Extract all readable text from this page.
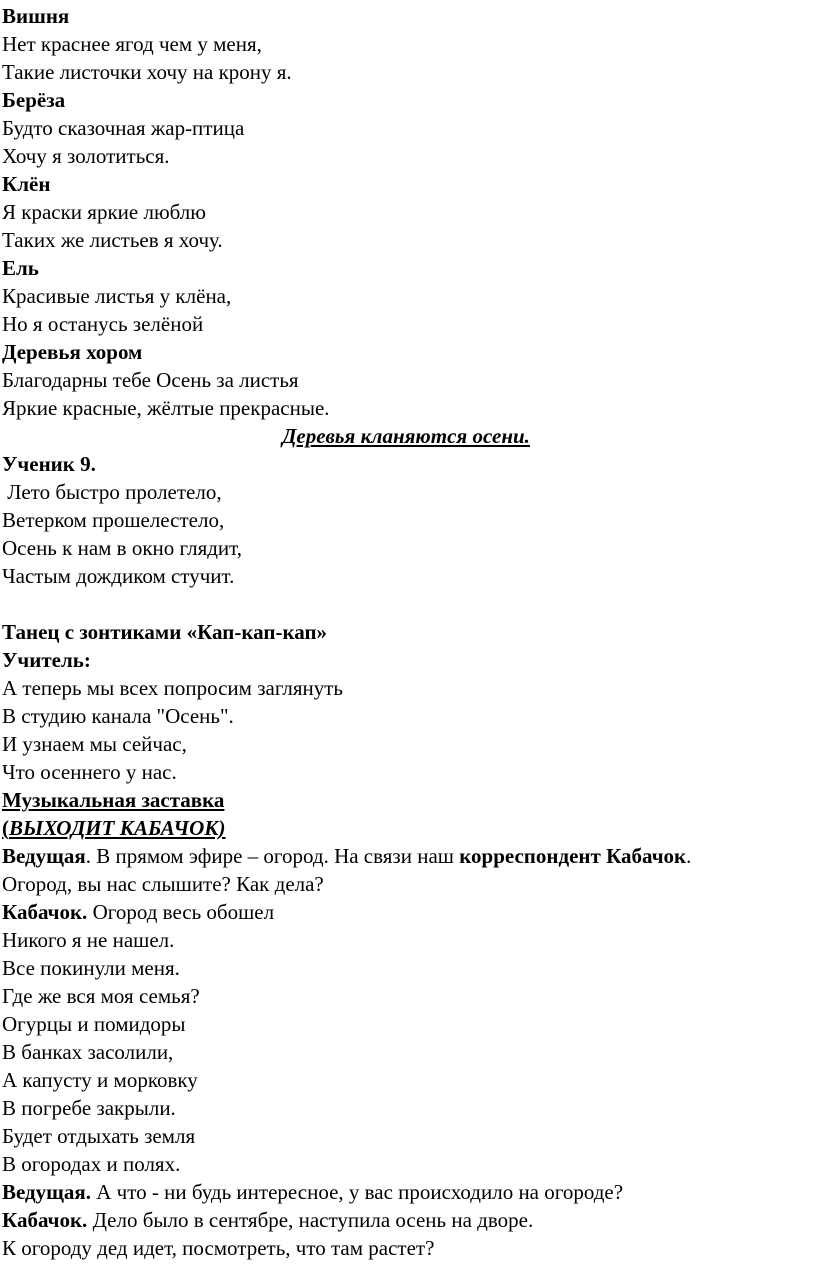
Вишня
Нет краснее ягод чем у меня,
Такие листочки хочу на крону я.
Берёза
Будто сказочная жар-птица
Хочу я золотиться.
Клён
Я краски яркие люблю
Таких же листьев я хочу.
Ель
Красивые листья у клёна,
Но я останусь зелёной
Деревья хором
Благодарны тебе Осень за листья
Яркие красные, жёлтые прекрасные.
Деревья кланяются осени.
Ученик 9.
Лето быстро пролетело,
Ветерком прошелестело,
Осень к нам в окно глядит,
Частым дождиком стучит.
Танец с зонтиками «Кап-кап-кап»
Учитель:
А теперь мы всех попросим заглянуть
В студию канала "Осень".
И узнаем мы сейчас,
Что осеннего у нас.
Музыкальная заставка
(ВЫХОДИТ КАБАЧОК)
Ведущая. В прямом эфире – огород. На связи наш корреспондент Кабачок.
Огород, вы нас слышите? Как дела?
Кабачок. Огород весь обошел
Никого я не нашел.
Все покинули меня.
Где же вся моя семья?
Огурцы и помидоры
В банках засолили,
А капусту и морковку
В погребе закрыли.
Будет отдыхать земля
В огородах и полях.
Ведущая. А что - ни будь интересное, у вас происходило на огороде?
Кабачок. Дело было в сентябре, наступила осень на дворе.
К огороду дед идет, посмотреть, что там растет?
